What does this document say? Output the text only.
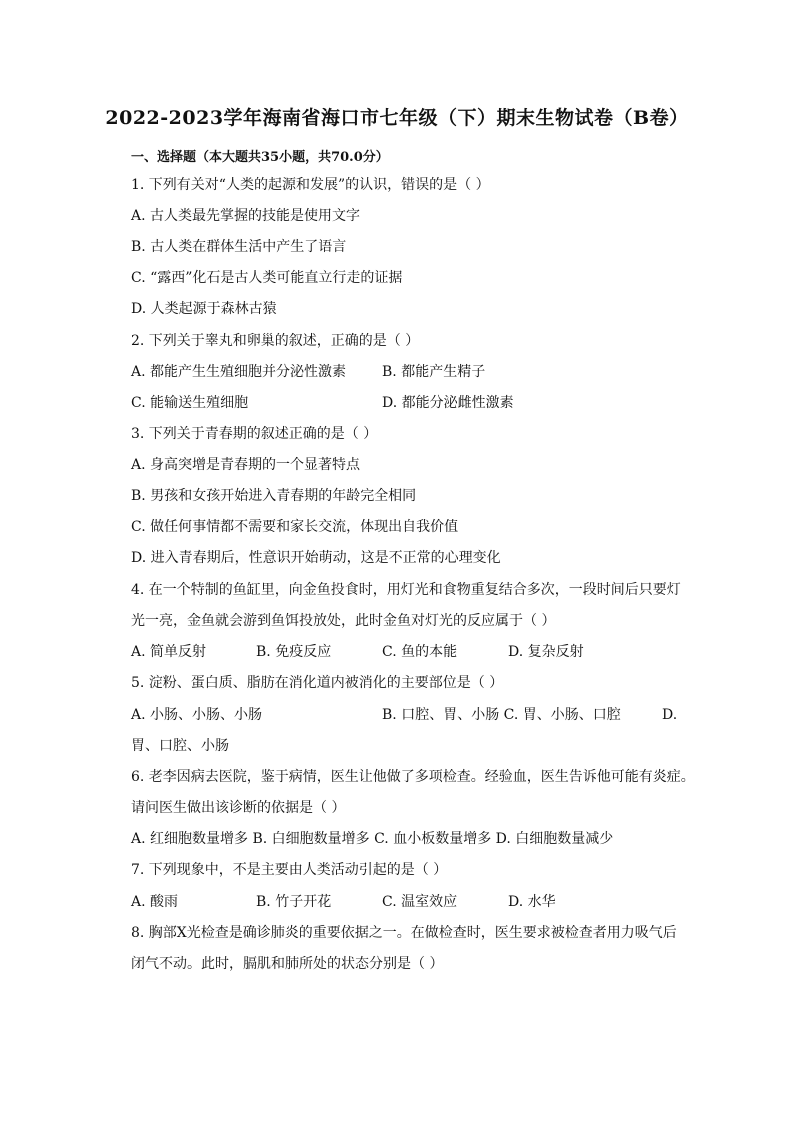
2022-2023学年海南省海口市七年级（下）期末生物试卷（B卷）
一、选择题（本大题共35小题，共70.0分）
1. 下列有关对“人类的起源和发展”的认识，错误的是（ ）
A. 古人类最先掌握的技能是使用文字
B. 古人类在群体生活中产生了语言
C. “露西”化石是古人类可能直立行走的证据
D. 人类起源于森林古猿
2. 下列关于睾丸和卵巢的叙述，正确的是（ ）
A. 都能产生生殖细胞并分泌性激素	B. 都能产生精子
C. 能输送生殖细胞	D. 都能分泌雌性激素
3. 下列关于青春期的叙述正确的是（ ）
A. 身高突增是青春期的一个显著特点
B. 男孩和女孩开始进入青春期的年龄完全相同
C. 做任何事情都不需要和家长交流，体现出自我价值
D. 进入青春期后，性意识开始萌动，这是不正常的心理变化
4. 在一个特制的鱼缸里，向金鱼投食时，用灯光和食物重复结合多次，一段时间后只要灯
光一亮，金鱼就会游到鱼饵投放处，此时金鱼对灯光的反应属于（ ）
A. 简单反射	B. 免疫反应	C. 鱼的本能	D. 复杂反射
5. 淀粉、蛋白质、脂肪在消化道内被消化的主要部位是（ ）
A. 小肠、小肠、小肠	B. 口腔、胃、小肠 C. 胃、小肠、口腔	D.
胃、口腔、小肠
6. 老李因病去医院，鉴于病情，医生让他做了多项检查。经验血，医生告诉他可能有炎症。
请问医生做出该诊断的依据是（ ）
A. 红细胞数量增多 B. 白细胞数量增多 C. 血小板数量增多 D. 白细胞数量减少
7. 下列现象中，不是主要由人类活动引起的是（ ）
A. 酸雨	B. 竹子开花	C. 温室效应	D. 水华
8. 胸部X光检查是确诊肺炎的重要依据之一。在做检查时，医生要求被检查者用力吸气后
闭气不动。此时，膈肌和肺所处的状态分别是（ ）
